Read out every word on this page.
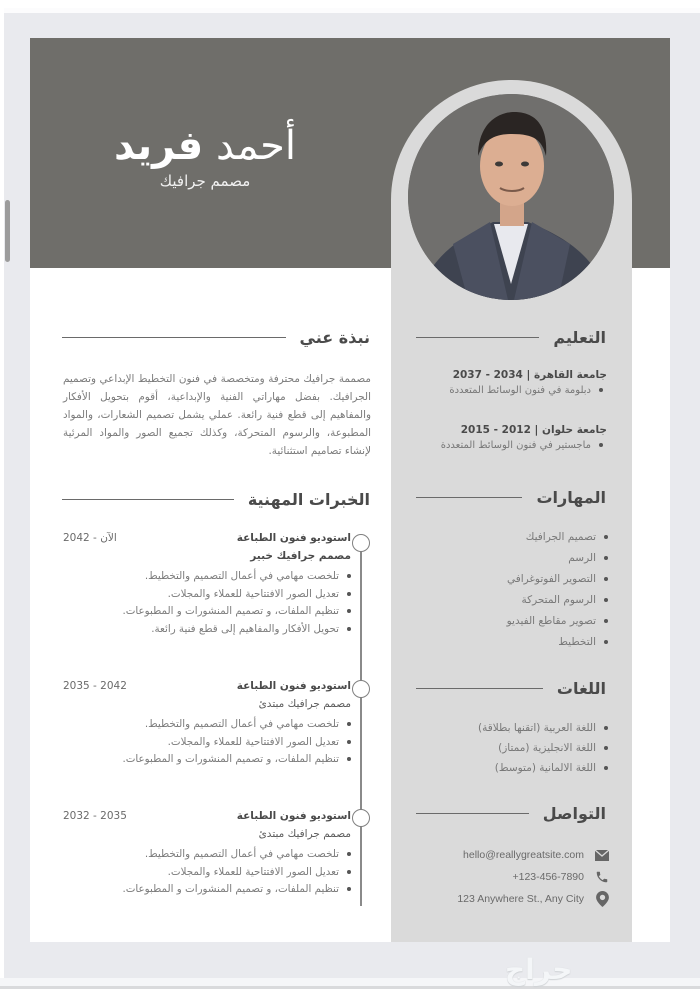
أحمد فريد
مصمم جرافيك
نبذة عني

مصممة جرافيك محترفة ومتخصصة في فنون التخطيط الإبداعي وتصميم الجرافيك. بفضل مهاراتي الفنية والإبداعية، أقوم بتحويل الأفكار والمفاهيم إلى قطع فنية رائعة. عملي يشمل تصميم الشعارات، والمواد المطبوعة، والرسوم المتحركة، وكذلك تجميع الصور والمواد المرئية لإنشاء تصاميم استثنائية.

الخبرات المهنية
استوديو فنون الطباعة
2042 - الآن
مصمم جرافيك خبير
تلخصت مهامي في أعمال التصميم والتخطيط.
تعديل الصور الافتتاحية للعملاء والمجلات.
تنظيم الملفات، و تصميم المنشورات و المطبوعات.
تحويل الأفكار والمفاهيم إلى قطع فنية رائعة.
استوديو فنون الطباعة
2035 - 2042
مصمم جرافيك مبتدئ
تلخصت مهامي في أعمال التصميم والتخطيط.
تعديل الصور الافتتاحية للعملاء والمجلات.
تنظيم الملفات، و تصميم المنشورات و المطبوعات.
استوديو فنون الطباعة
2032 - 2035
مصمم جرافيك مبتدئ
تلخصت مهامي في أعمال التصميم والتخطيط.
تعديل الصور الافتتاحية للعملاء والمجلات.
تنظيم الملفات، و تصميم المنشورات و المطبوعات.
التعليم
جامعة القاهرة | 2034 - 2037
دبلومة في فنون الوسائط المتعددة
جامعة حلوان | 2012 - 2015
ماجستير في فنون الوسائط المتعددة
المهارات
تصميم الجرافيك
الرسم
التصوير الفوتوغرافي
الرسوم المتحركة
تصوير مقاطع الفيديو
التخطيط
اللغات
اللغة العربية (اتقنها بطلاقة)
اللغة الانجليزية (ممتاز)
اللغة الالمانية (متوسط)
التواصل
hello@reallygreatsite.com
+123-456-7890
123 Anywhere St., Any City
حراج
